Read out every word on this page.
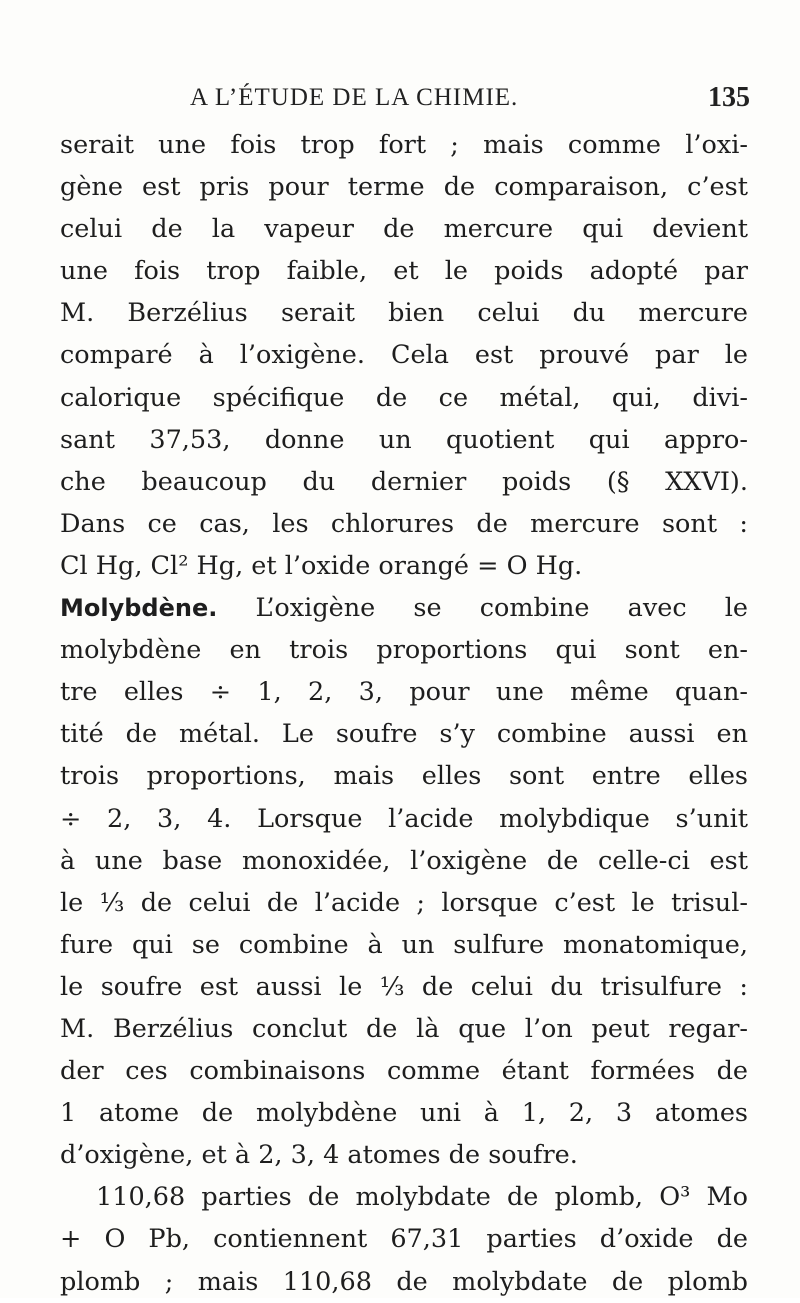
A L’ÉTUDE DE LA CHIMIE.	135
serait une fois trop fort ; mais comme l’oxi-
gène est pris pour terme de comparaison, c’est
celui de la vapeur de mercure qui devient
une fois trop faible, et le poids adopté par
M. Berzélius serait bien celui du mercure
comparé à l’oxigène. Cela est prouvé par le
calorique spécifique de ce métal, qui, divi-
sant 37,53, donne un quotient qui appro-
che beaucoup du dernier poids (§ XXVI).
Dans ce cas, les chlorures de mercure sont :
Cl Hg, Cl² Hg, et l’oxide orangé = O Hg.
Molybdène. L’oxigène se combine avec le
molybdène en trois proportions qui sont en-
tre elles ÷ 1, 2, 3, pour une même quan-
tité de métal. Le soufre s’y combine aussi en
trois proportions, mais elles sont entre elles
÷ 2, 3, 4. Lorsque l’acide molybdique s’unit
à une base monoxidée, l’oxigène de celle-ci est
le ⅓ de celui de l’acide ; lorsque c’est le trisul-
fure qui se combine à un sulfure monatomique,
le soufre est aussi le ⅓ de celui du trisulfure :
M. Berzélius conclut de là que l’on peut regar-
der ces combinaisons comme étant formées de
1 atome de molybdène uni à 1, 2, 3 atomes
d’oxigène, et à 2, 3, 4 atomes de soufre.
110,68 parties de molybdate de plomb, O³ Mo
+ O Pb, contiennent 67,31 parties d’oxide de
plomb ; mais 110,68 de molybdate de plomb
